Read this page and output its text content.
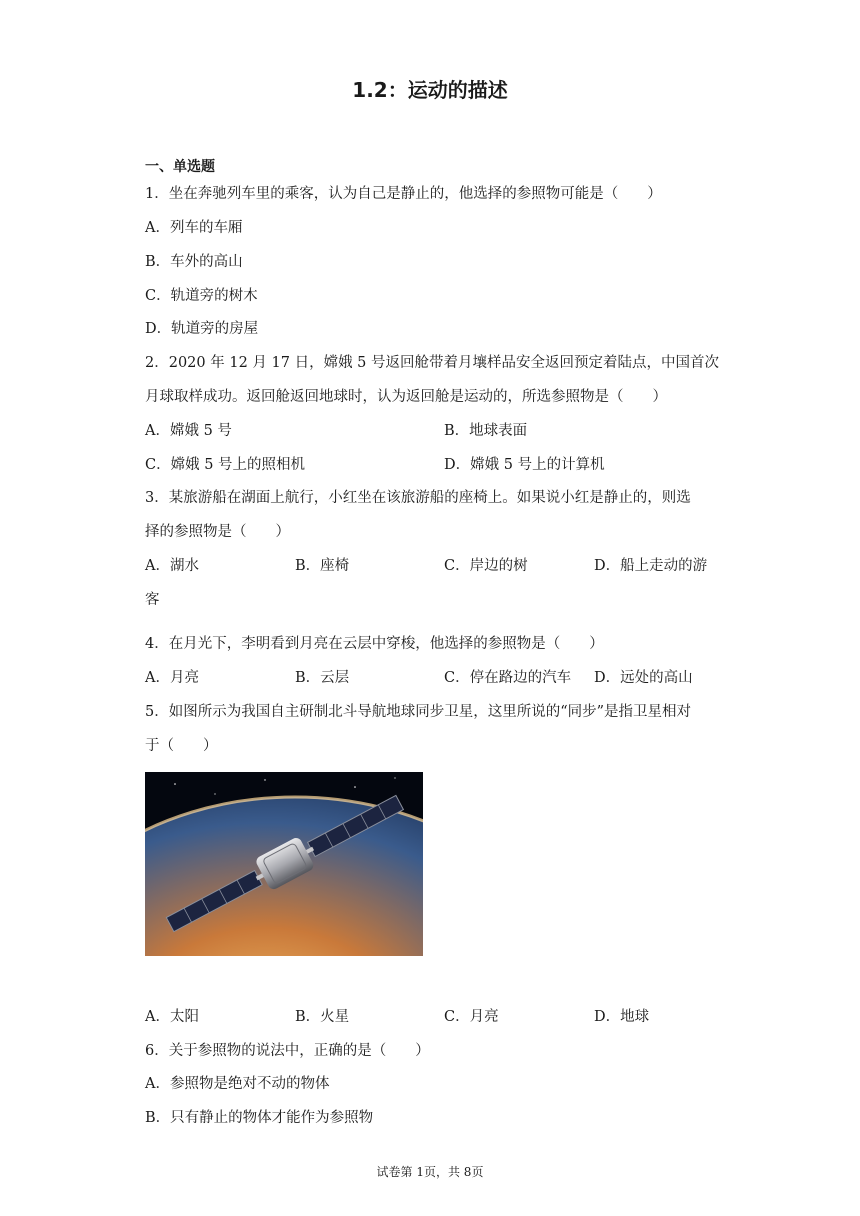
1.2：运动的描述
一、单选题
1．坐在奔驰列车里的乘客，认为自己是静止的，他选择的参照物可能是（　　）
A．列车的车厢
B．车外的高山
C．轨道旁的树木
D．轨道旁的房屋
2．2020 年 12 月 17 日，嫦娥 5 号返回舱带着月壤样品安全返回预定着陆点，中国首次
月球取样成功。返回舱返回地球时，认为返回舱是运动的，所选参照物是（　　）
A．嫦娥 5 号	B．地球表面
C．嫦娥 5 号上的照相机	D．嫦娥 5 号上的计算机
3．某旅游船在湖面上航行，小红坐在该旅游船的座椅上。如果说小红是静止的，则选
择的参照物是（　　）
A．湖水	B．座椅	C．岸边的树	D．船上走动的游
客
4．在月光下，李明看到月亮在云层中穿梭，他选择的参照物是（　　）
A．月亮	B．云层	C．停在路边的汽车 D．远处的高山
5．如图所示为我国自主研制北斗导航地球同步卫星，这里所说的“同步”是指卫星相对
于（　　）
A．太阳	B．火星	C．月亮	D．地球
6．关于参照物的说法中，正确的是（　　）
A．参照物是绝对不动的物体
B．只有静止的物体才能作为参照物
试卷第 1页，共 8页
